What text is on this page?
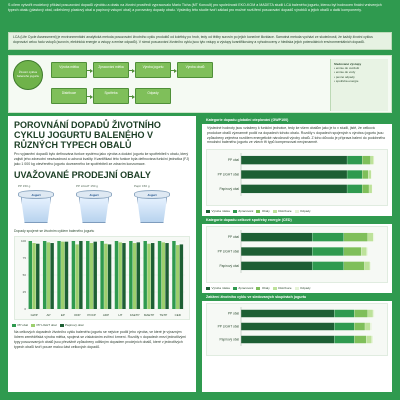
S cílem vytvořit modelový příklad posuzování dopadů výrobku a obalu na životní prostředí vypracovalo Mario Ticha (MT Koncult) pro společnosti EKO-KOM a MADETA studii LCA baleného jogurtu, kterou byl hodnocen finální vrstvených typech obalu (plastový obal, odlehčený plastový obal a papírový vstupní obal) a porovnány dopady obalu. Výsledky této studie tvoří základ pro možné rozšíření posuzování dopadů výrobků a jejich obalů o další komponenty.
LCA (Life Cycle Assessment) je environmentální analytická metoda posuzování životního cyklu produktů od kolébky po hrob, tedy od těžby surovin po jejich konečné likvidace. Samotná metoda vychází ze skutečnosti, že každý životní cyklus doprovází celou řadu vstupů (surovin, elektrická energie a vstupy a emise odpadů). V rámci posuzování životního cyklu jsou tyto vstupy a výstupy kvantifikovány a vyhodnoceny z hlediska jejich potenciálních environmentálních dopadů.
Životní cyklus baleného jogurtu
Výroba mléka	Zpracování mléka	Výroba jogurtu	Výroba obalů
Distribuce	Spotřeba	Odpady
Sledované výstupy
• emise do ovzduší
• emise do vody
• pevné odpady
• spotřeba energie
POROVNÁNÍ DOPADŮ ŽIVOTNÍHO CYKLU JOGURTU BALENÉHO V RŮZNÝCH TYPECH OBALŮ
Pro vyjasnění dopadů bylo definována funkce systému jako výroba a dodání jogurtu ke spotřebiteli v obalu, který zajistí jeho zdravotní nezávadnost a uchová kvality. Kvantifikaci této funkce byla definována funkční jednotka (FJ) jako 1 000 kg otevřeného jogurtu dovezeného ke spotřebiteli ze zdravím konzumace.
UVAŽOVANÉ PRODEJNÍ OBALY
PP 150 g
Jogurt
PP LIGHT 150 g
Jogurt
Papír 150 g
Jogurt
Dopady spojené se životním cyklem baleného jogurtu
0
25
50
75
100
GWP	AP	EP	ODP POCP ADP	HT	FAETP MAETP TETP CED
PP obal	PP LIGHT obal	Papírový obal
Na celkových dopadech životního cyklu baleného jogurtu se nejvíce podílí jeho výroba, ve které je výrazným lídrem zemědělská výroba mléka, spojená se získáváním zvířecí krmení. Rozdíly v dopadech mezi jednotlivými typy posuzovaných obalů jsou převážně způsobeny odlišným dopadem prodejních obalů, které v jednotlivých typech obalů tvoří pouze malou část celkových dopadů.
Kategorie dopadu globální oteplování (GWP100)
Výsledné hodnoty jsou vztaženy k funkční jednotce, tedy ke všem obalům jako je to v studii, jistě, že celková produkce obalů významně podílí na dopadech tohoto obalu. Rozdíly v dopadech spojených s výrobou jogurtu jsou způsobeny zejména rozdílem energetické náročnosti výroby obalů. Z toho důvodu je příprava balení do podobného množství baleného jogurtu ze všech tří typů kompenzovat nevýznamně.
PP obal
PP LIGHT obal
Papírový obal
Výroba mléka	Zpracování	Obaly	Distribuce	Odpady
Kategorie dopadu celkové spotřeby energie (CED)
PP obal
PP LIGHT obal
Papírový obal
Výroba mléka	Zpracování	Obaly	Distribuce	Odpady
Zatížení životního cyklu ve sledovaných skupinách jogurtu
PP obal
PP LIGHT obal
Papírový obal
